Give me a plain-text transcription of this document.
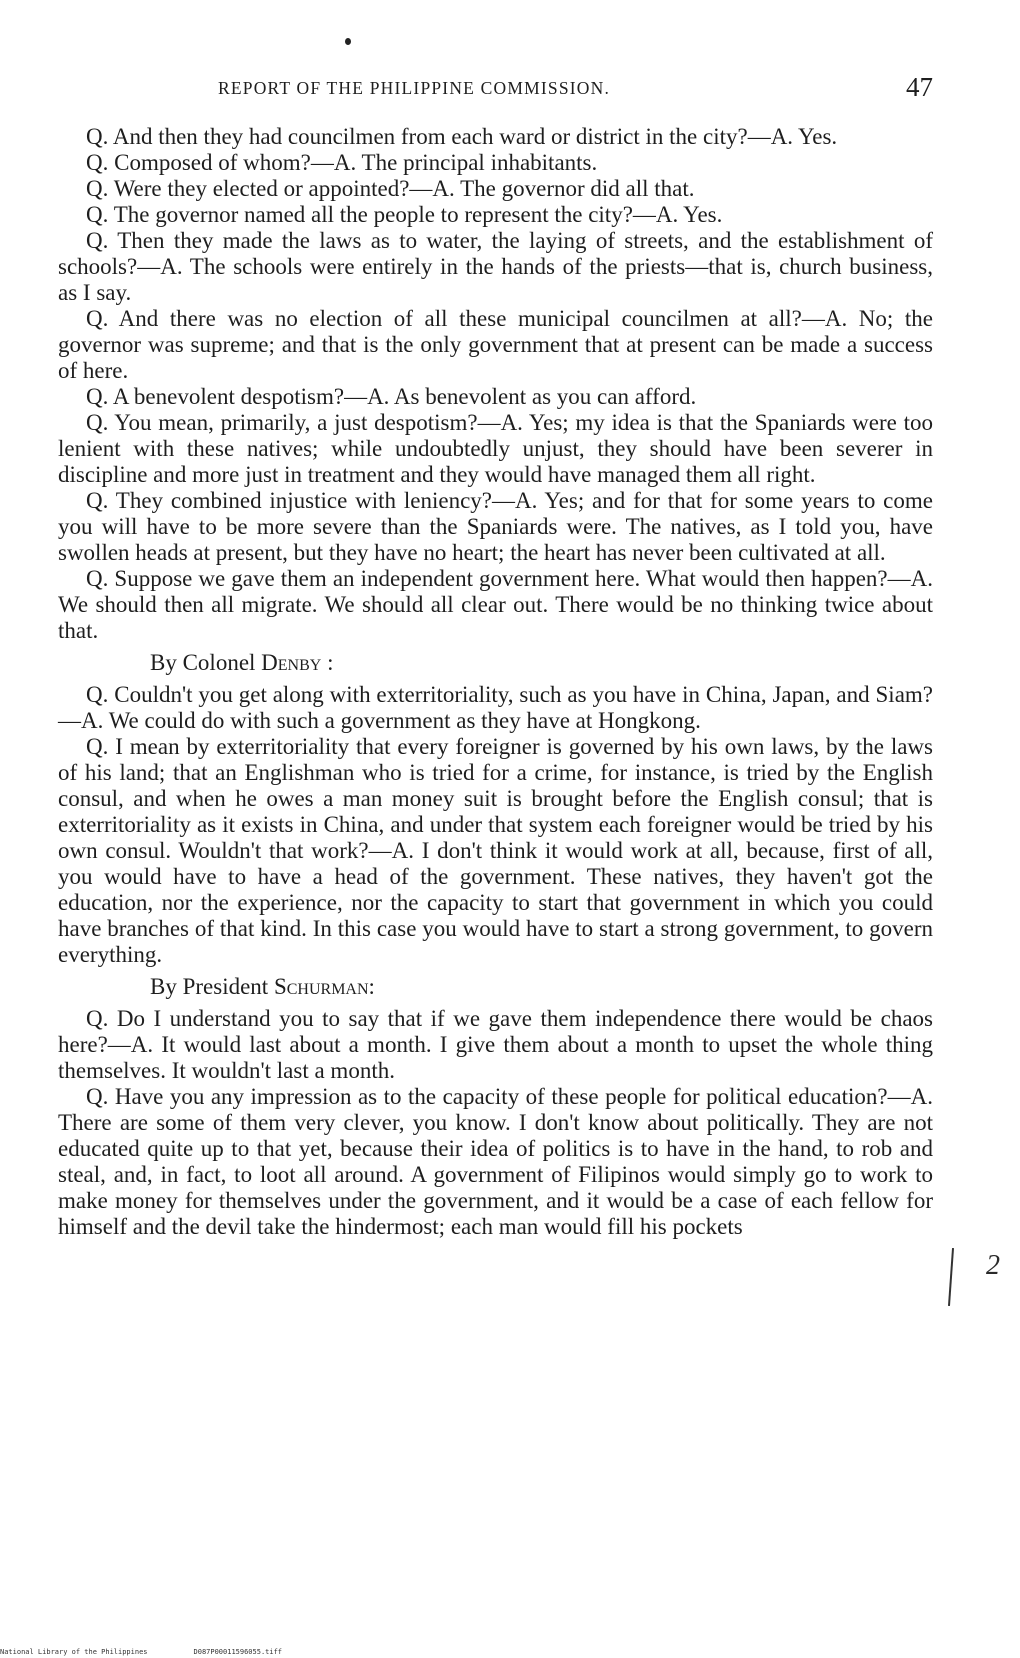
REPORT OF THE PHILIPPINE COMMISSION.	47

Q. And then they had councilmen from each ward or district in the city?—A. Yes.

Q. Composed of whom?—A. The principal inhabitants.

Q. Were they elected or appointed?—A. The governor did all that.

Q. The governor named all the people to represent the city?—A. Yes.

Q. Then they made the laws as to water, the laying of streets, and the establishment of schools?—A. The schools were entirely in the hands of the priests—that is, church business, as I say.

Q. And there was no election of all these municipal councilmen at all?—A. No; the governor was supreme; and that is the only government that at present can be made a success of here.

Q. A benevolent despotism?—A. As benevolent as you can afford.

Q. You mean, primarily, a just despotism?—A. Yes; my idea is that the Spaniards were too lenient with these natives; while undoubtedly unjust, they should have been severer in discipline and more just in treatment and they would have managed them all right.

Q. They combined injustice with leniency?—A. Yes; and for that for some years to come you will have to be more severe than the Spaniards were. The natives, as I told you, have swollen heads at present, but they have no heart; the heart has never been cultivated at all.

Q. Suppose we gave them an independent government here. What would then happen?—A. We should then all migrate. We should all clear out. There would be no thinking twice about that.

By Colonel Denby :

Q. Couldn't you get along with exterritoriality, such as you have in China, Japan, and Siam?—A. We could do with such a government as they have at Hongkong.

Q. I mean by exterritoriality that every foreigner is governed by his own laws, by the laws of his land; that an Englishman who is tried for a crime, for instance, is tried by the English consul, and when he owes a man money suit is brought before the English consul; that is exterritoriality as it exists in China, and under that system each foreigner would be tried by his own consul. Wouldn't that work?—A. I don't think it would work at all, because, first of all, you would have to have a head of the government. These natives, they haven't got the education, nor the experience, nor the capacity to start that government in which you could have branches of that kind. In this case you would have to start a strong government, to govern everything.

By President Schurman:

Q. Do I understand you to say that if we gave them independence there would be chaos here?—A. It would last about a month. I give them about a month to upset the whole thing themselves. It wouldn't last a month.

Q. Have you any impression as to the capacity of these people for political education?—A. There are some of them very clever, you know. I don't know about politically. They are not educated quite up to that yet, because their idea of politics is to have in the hand, to rob and steal, and, in fact, to loot all around. A government of Filipinos would simply go to work to make money for themselves under the government, and it would be a case of each fellow for himself and the devil take the hindermost; each man would fill his pockets

2
National Library of the Philippines	D087P00011596055.tiff
